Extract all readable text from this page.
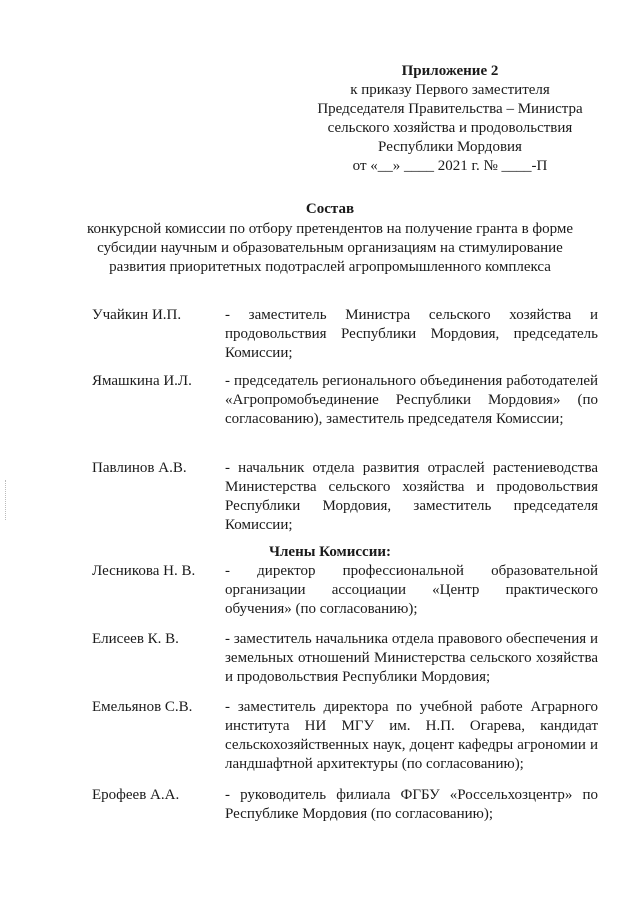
Приложение 2
к приказу Первого заместителя
Председателя Правительства – Министра
сельского хозяйства и продовольствия
Республики Мордовия
от «__» ____ 2021 г. № ____-П
Состав
конкурсной комиссии по отбору претендентов на получение гранта в форме
субсидии научным и образовательным организациям на стимулирование
развития приоритетных подотраслей агропромышленного комплекса
Учайкин И.П.	- заместитель Министра сельского хозяйства и продовольствия Республики Мордовия, председатель Комиссии;
Ямашкина И.Л.	- председатель регионального объединения работодателей «Агропромобъединение Республики Мордовия» (по согласованию), заместитель председателя Комиссии;
Павлинов А.В.	- начальник отдела развития отраслей растениеводства Министерства сельского хозяйства и продовольствия Республики Мордовия, заместитель председателя Комиссии;
Члены Комиссии:
Лесникова Н. В.	- директор профессиональной образовательной организации ассоциации «Центр практического обучения» (по согласованию);
Елисеев К. В.	- заместитель начальника отдела правового обеспечения и земельных отношений Министерства сельского хозяйства и продовольствия Республики Мордовия;
Емельянов С.В.	- заместитель директора по учебной работе Аграрного института НИ МГУ им. Н.П. Огарева, кандидат сельскохозяйственных наук, доцент кафедры агрономии и ландшафтной архитектуры (по согласованию);
Ерофеев А.А.	- руководитель филиала ФГБУ «Россельхозцентр» по Республике Мордовия (по согласованию);
